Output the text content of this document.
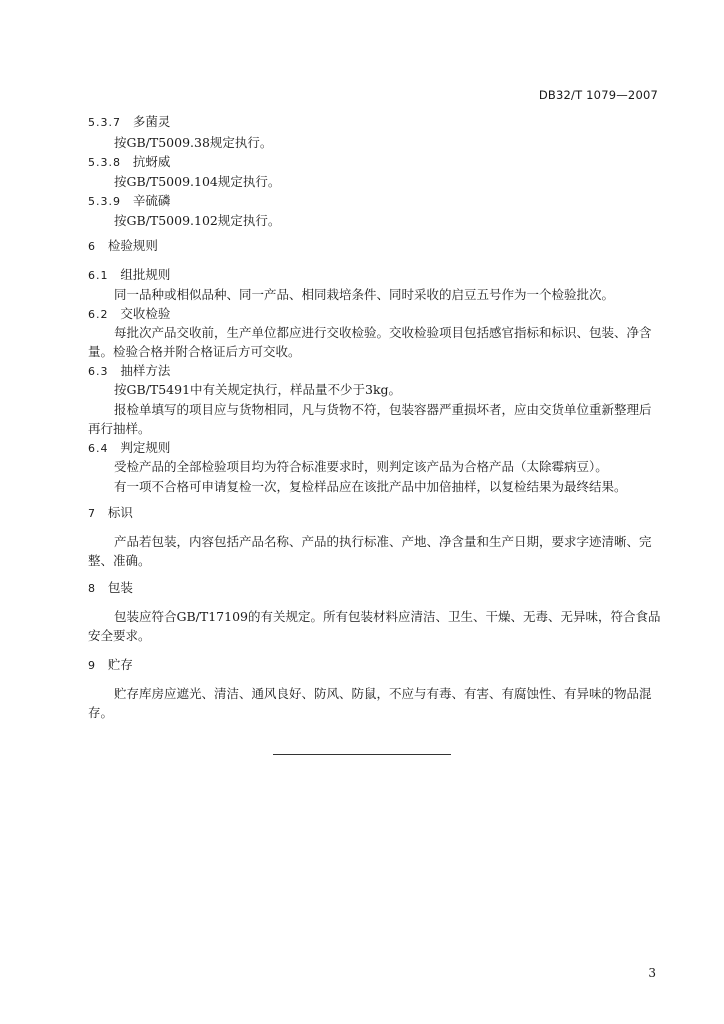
DB32/T 1079—2007
5.3.7 多菌灵
按GB/T5009.38规定执行。
5.3.8 抗蚜威
按GB/T5009.104规定执行。
5.3.9 辛硫磷
按GB/T5009.102规定执行。
6 检验规则
6.1 组批规则
同一品种或相似品种、同一产品、相同栽培条件、同时采收的启豆五号作为一个检验批次。
6.2 交收检验
每批次产品交收前，生产单位都应进行交收检验。交收检验项目包括感官指标和标识、包装、净含
量。检验合格并附合格证后方可交收。
6.3 抽样方法
按GB/T5491中有关规定执行，样品量不少于3kg。
报检单填写的项目应与货物相同，凡与货物不符，包装容器严重损坏者，应由交货单位重新整理后
再行抽样。
6.4 判定规则
受检产品的全部检验项目均为符合标准要求时，则判定该产品为合格产品（太除霉病豆）。
有一项不合格可申请复检一次，复检样品应在该批产品中加倍抽样，以复检结果为最终结果。
7 标识
产品若包装，内容包括产品名称、产品的执行标准、产地、净含量和生产日期，要求字迹清晰、完
整、准确。
8 包装
包装应符合GB/T17109的有关规定。所有包装材料应清洁、卫生、干燥、无毒、无异味，符合食品
安全要求。
9 贮存
贮存库房应遮光、清洁、通风良好、防风、防鼠，不应与有毒、有害、有腐蚀性、有异味的物品混
存。
3
